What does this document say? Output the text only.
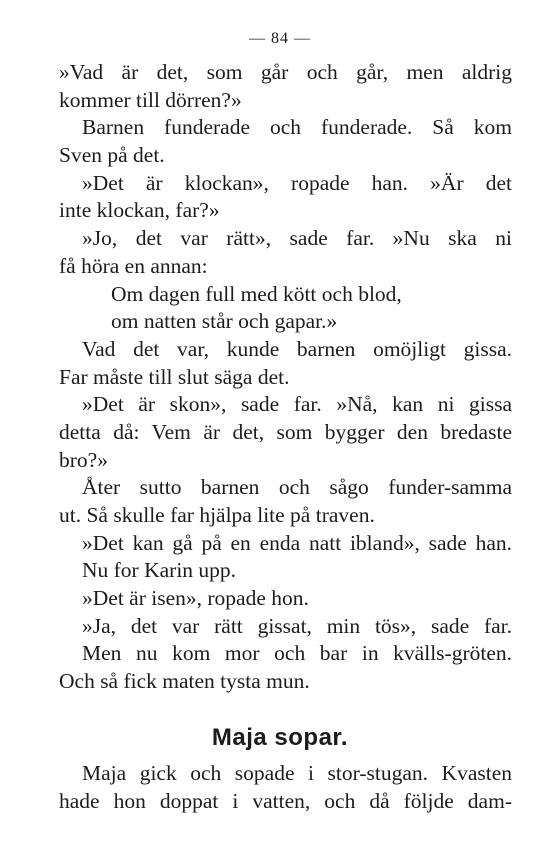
— 84 —
»Vad är det, som går och går, men aldrig
kommer till dörren?»
Barnen funderade och funderade. Så kom
Sven på det.
»Det är klockan», ropade han. »Är det
inte klockan, far?»
»Jo, det var rätt», sade far. »Nu ska ni
få höra en annan:
Om dagen full med kött och blod,
om natten står och gapar.»
Vad det var, kunde barnen omöjligt gissa.
Far måste till slut säga det.
»Det är skon», sade far. »Nå, kan ni gissa
detta då: Vem är det, som bygger den bredaste
bro?»
Åter sutto barnen och sågo funder-samma
ut. Så skulle far hjälpa lite på traven.
»Det kan gå på en enda natt ibland», sade han.
Nu for Karin upp.
»Det är isen», ropade hon.
»Ja, det var rätt gissat, min tös», sade far.
Men nu kom mor och bar in kvälls-gröten.
Och så fick maten tysta mun.
Maja sopar.
Maja gick och sopade i stor-stugan. Kvasten
hade hon doppat i vatten, och då följde dam-
